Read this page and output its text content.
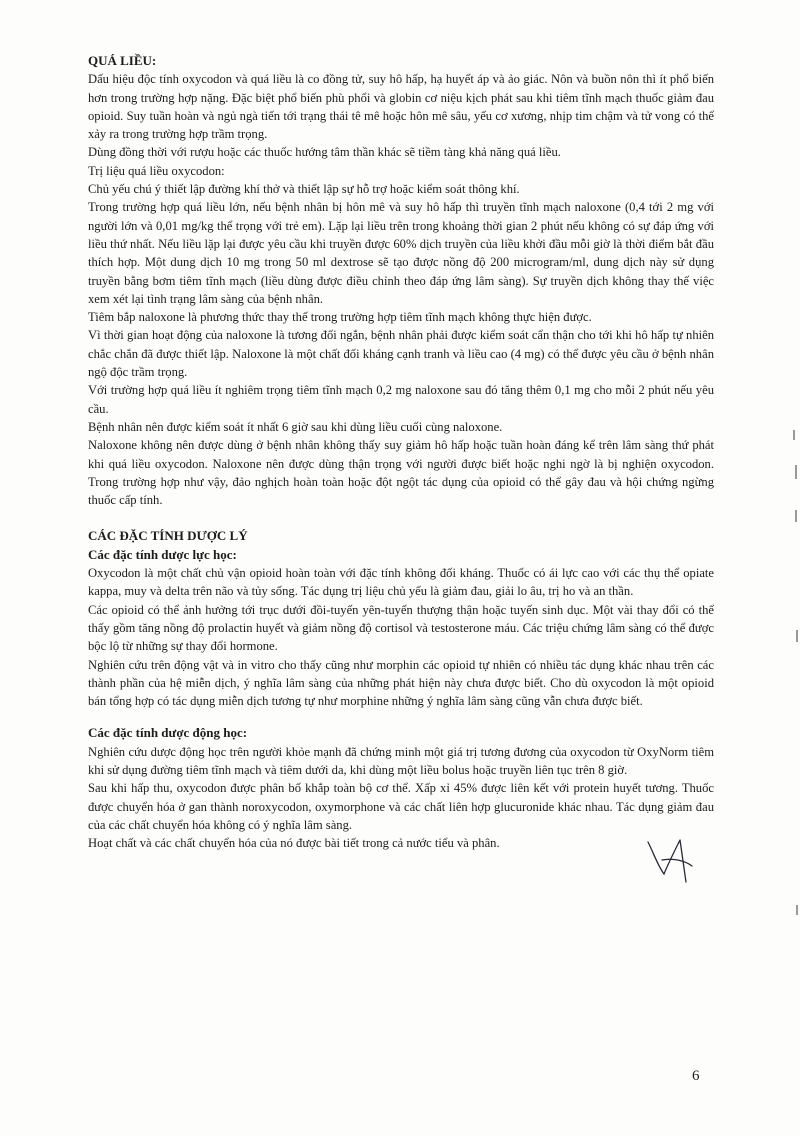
QUÁ LIỀU:

Dấu hiệu độc tính oxycodon và quá liều là co đồng tử, suy hô hấp, hạ huyết áp và ảo giác. Nôn và buồn nôn thì ít phổ biến hơn trong trường hợp nặng. Đặc biệt phổ biến phù phổi và globin cơ niệu kịch phát sau khi tiêm tĩnh mạch thuốc giảm đau opioid. Suy tuần hoàn và ngủ ngà tiến tới trạng thái tê mê hoặc hôn mê sâu, yếu cơ xương, nhịp tim chậm và tử vong có thể xảy ra trong trường hợp trầm trọng.

Dùng đồng thời với rượu hoặc các thuốc hướng tâm thần khác sẽ tiềm tàng khả năng quá liều.

Trị liệu quá liều oxycodon:

Chủ yếu chú ý thiết lập đường khí thở và thiết lập sự hỗ trợ hoặc kiểm soát thông khí.

Trong trường hợp quá liều lớn, nếu bệnh nhân bị hôn mê và suy hô hấp thì truyền tĩnh mạch naloxone (0,4 tới 2 mg với người lớn và 0,01 mg/kg thể trọng với trẻ em). Lặp lại liều trên trong khoảng thời gian 2 phút nếu không có sự đáp ứng với liều thứ nhất. Nếu liều lặp lại được yêu cầu khi truyền được 60% dịch truyền của liều khởi đầu mỗi giờ là thời điểm bắt đầu thích hợp. Một dung dịch 10 mg trong 50 ml dextrose sẽ tạo được nồng độ 200 microgram/ml, dung dịch này sử dụng truyền bằng bơm tiêm tĩnh mạch (liều dùng được điều chỉnh theo đáp ứng lâm sàng). Sự truyền dịch không thay thế việc xem xét lại tình trạng lâm sàng của bệnh nhân.

Tiêm bắp naloxone là phương thức thay thế trong trường hợp tiêm tĩnh mạch không thực hiện được.

Vì thời gian hoạt động của naloxone là tương đối ngắn, bệnh nhân phải được kiểm soát cẩn thận cho tới khi hô hấp tự nhiên chắc chắn đã được thiết lập. Naloxone là một chất đối kháng cạnh tranh và liều cao (4 mg) có thể được yêu cầu ở bệnh nhân ngộ độc trầm trọng.

Với trường hợp quá liều ít nghiêm trọng tiêm tĩnh mạch 0,2 mg naloxone sau đó tăng thêm 0,1 mg cho mỗi 2 phút nếu yêu cầu.

Bệnh nhân nên được kiểm soát ít nhất 6 giờ sau khi dùng liều cuối cùng naloxone.

Naloxone không nên được dùng ở bệnh nhân không thấy suy giảm hô hấp hoặc tuần hoàn đáng kể trên lâm sàng thứ phát khi quá liều oxycodon. Naloxone nên được dùng thận trọng với người được biết hoặc nghi ngờ là bị nghiện oxycodon. Trong trường hợp như vậy, đảo nghịch hoàn toàn hoặc đột ngột tác dụng của opioid có thể gây đau và hội chứng ngừng thuốc cấp tính.

CÁC ĐẶC TÍNH DƯỢC LÝ
Các đặc tính dược lực học:

Oxycodon là một chất chủ vận opioid hoàn toàn với đặc tính không đối kháng. Thuốc có ái lực cao với các thụ thể opiate kappa, muy và delta trên não và tủy sống. Tác dụng trị liệu chủ yếu là giảm đau, giải lo âu, trị ho và an thần.

Các opioid có thể ảnh hưởng tới trục dưới đồi-tuyến yên-tuyến thượng thận hoặc tuyến sinh dục. Một vài thay đổi có thể thấy gồm tăng nồng độ prolactin huyết và giảm nồng độ cortisol và testosterone máu. Các triệu chứng lâm sàng có thể được bộc lộ từ những sự thay đổi hormone.

Nghiên cứu trên động vật và in vitro cho thấy cũng như morphin các opioid tự nhiên có nhiều tác dụng khác nhau trên các thành phần của hệ miễn dịch, ý nghĩa lâm sàng của những phát hiện này chưa được biết. Cho dù oxycodon là một opioid bán tổng hợp có tác dụng miễn dịch tương tự như morphine những ý nghĩa lâm sàng cũng vẫn chưa được biết.

Các đặc tính dược động học:

Nghiên cứu dược động học trên người khỏe mạnh đã chứng minh một giá trị tương đương của oxycodon từ OxyNorm tiêm khi sử dụng đường tiêm tĩnh mạch và tiêm dưới da, khi dùng một liều bolus hoặc truyền liên tục trên 8 giờ.

Sau khi hấp thu, oxycodon được phân bố khắp toàn bộ cơ thể. Xấp xỉ 45% được liên kết với protein huyết tương. Thuốc được chuyển hóa ở gan thành noroxycodon, oxymorphone và các chất liên hợp glucuronide khác nhau. Tác dụng giảm đau của các chất chuyển hóa không có ý nghĩa lâm sàng.

Hoạt chất và các chất chuyển hóa của nó được bài tiết trong cả nước tiểu và phân.

6
